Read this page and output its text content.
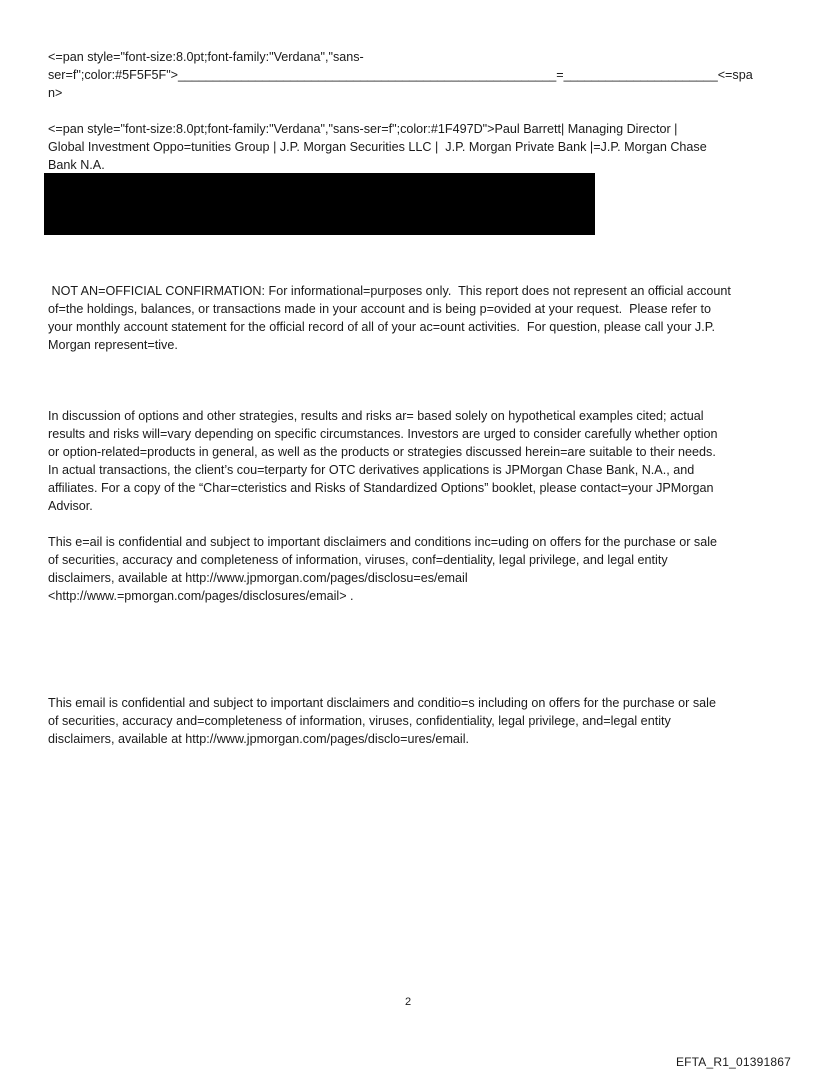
<=pan style="font-size:8.0pt;font-family:"Verdana","sans-
ser=f";color:#5F5F5F">______________________________________________________=______________________<=spa
n>

<=pan style="font-size:8.0pt;font-family:"Verdana","sans-ser=f";color:#1F497D">Paul Barrett| Managing Director |
Global Investment Oppo=tunities Group | J.P. Morgan Securities LLC |  J.P. Morgan Private Bank |=J.P. Morgan Chase
Bank N.A.

NOT AN=OFFICIAL CONFIRMATION: For informational=purposes only.  This report does not represent an official account
of=the holdings, balances, or transactions made in your account and is being p=ovided at your request.  Please refer to
your monthly account statement for the official record of all of your ac=ount activities.  For question, please call your J.P.
Morgan represent=tive.

In discussion of options and other strategies, results and risks ar= based solely on hypothetical examples cited; actual
results and risks will=vary depending on specific circumstances. Investors are urged to consider carefully whether option
or option-related=products in general, as well as the products or strategies discussed herein=are suitable to their needs.
In actual transactions, the client’s cou=terparty for OTC derivatives applications is JPMorgan Chase Bank, N.A., and
affiliates. For a copy of the “Char=cteristics and Risks of Standardized Options” booklet, please contact=your JPMorgan
Advisor.

This e=ail is confidential and subject to important disclaimers and conditions inc=uding on offers for the purchase or sale
of securities, accuracy and completeness of information, viruses, conf=dentiality, legal privilege, and legal entity
disclaimers, available at http://www.jpmorgan.com/pages/disclosu=es/email
<http://www.=pmorgan.com/pages/disclosures/email> .

This email is confidential and subject to important disclaimers and conditio=s including on offers for the purchase or sale
of securities, accuracy and=completeness of information, viruses, confidentiality, legal privilege, and=legal entity
disclaimers, available at http://www.jpmorgan.com/pages/disclo=ures/email.

2
EFTA_R1_01391867
